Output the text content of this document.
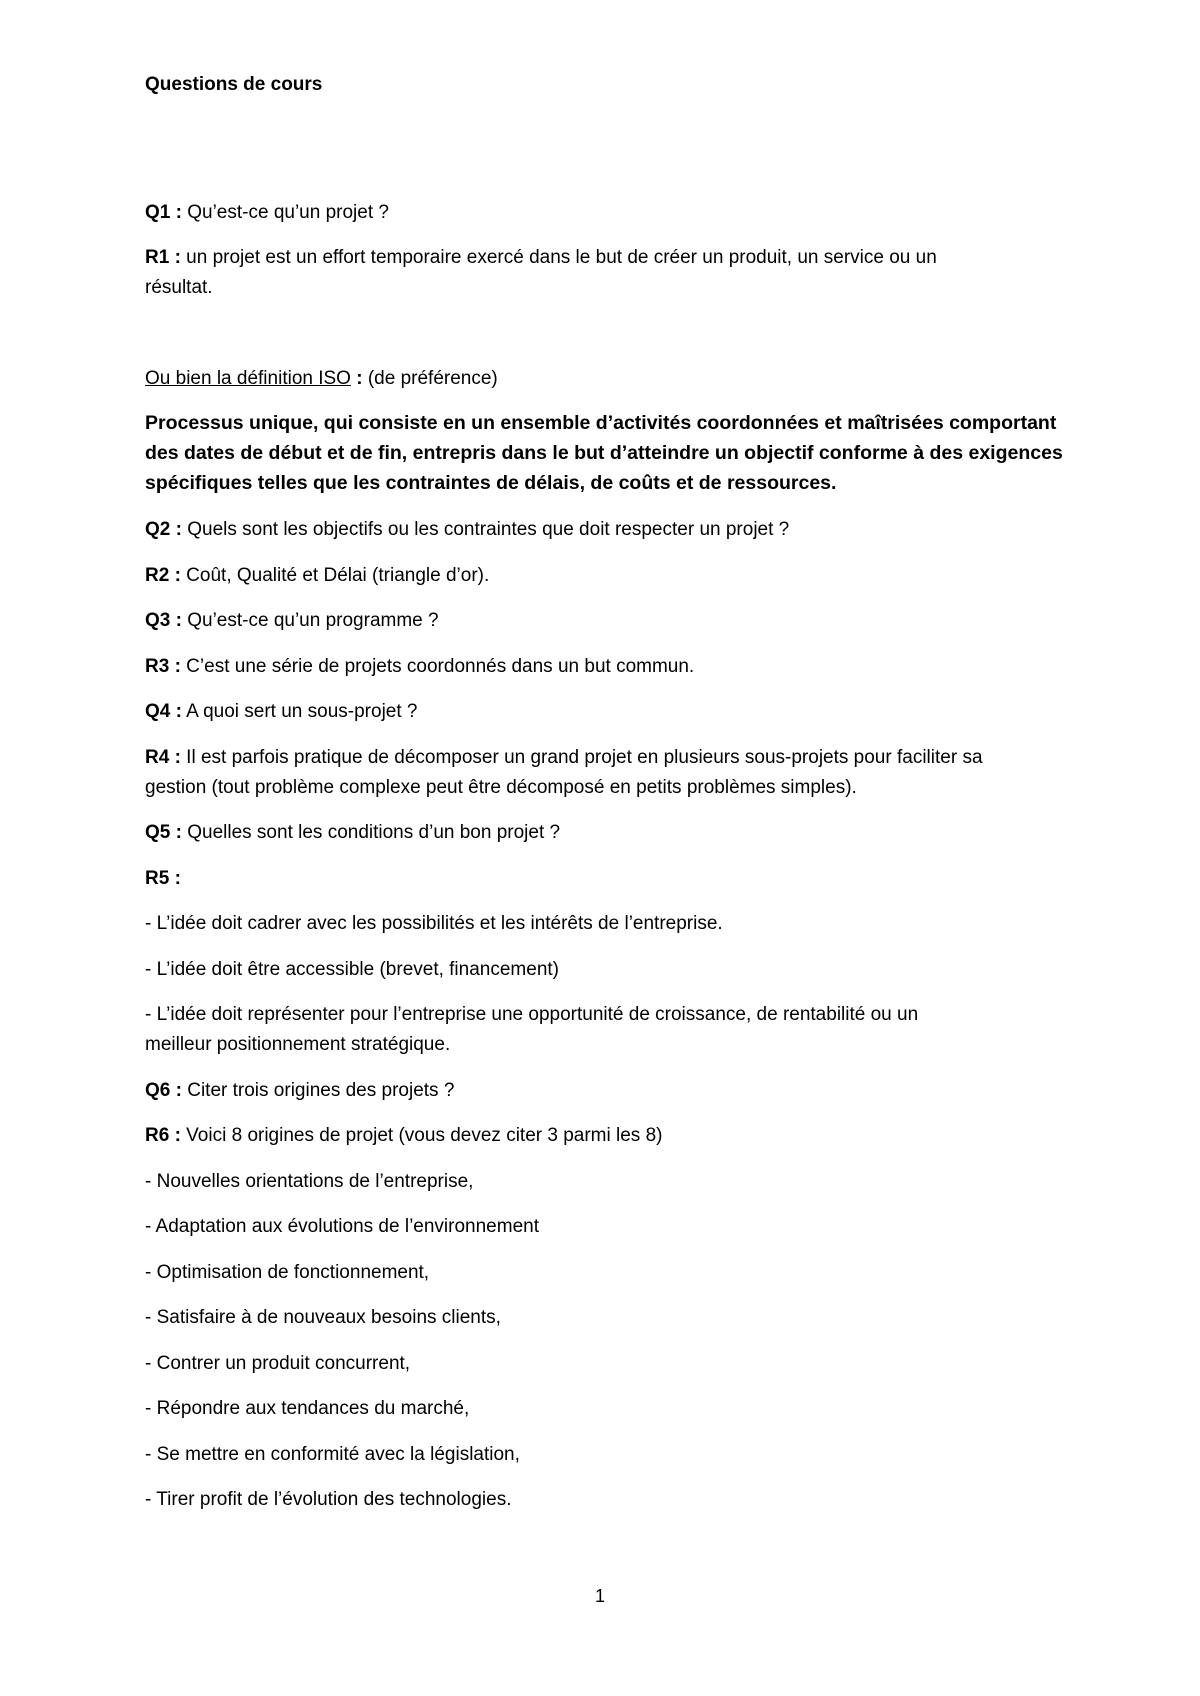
Questions de cours

Q1 : Qu’est-ce qu’un projet ?

R1 : un projet est un effort temporaire exercé dans le but de créer un produit, un service ou un

résultat.

Ou bien la définition ISO : (de préférence)

Processus unique, qui consiste en un ensemble d’activités coordonnées et maîtrisées comportant

des dates de début et de fin, entrepris dans le but d’atteindre un objectif conforme à des exigences

spécifiques telles que les contraintes de délais, de coûts et de ressources.

Q2 : Quels sont les objectifs ou les contraintes que doit respecter un projet ?

R2 : Coût, Qualité et Délai (triangle d’or).

Q3 : Qu’est-ce qu’un programme ?

R3 : C’est une série de projets coordonnés dans un but commun.

Q4 : A quoi sert un sous-projet ?

R4 : Il est parfois pratique de décomposer un grand projet en plusieurs sous-projets pour faciliter sa

gestion (tout problème complexe peut être décomposé en petits problèmes simples).

Q5 : Quelles sont les conditions d’un bon projet ?

R5 :

- L’idée doit cadrer avec les possibilités et les intérêts de l’entreprise.

- L’idée doit être accessible (brevet, financement)

- L’idée doit représenter pour l’entreprise une opportunité de croissance, de rentabilité ou un

meilleur positionnement stratégique.

Q6 : Citer trois origines des projets ?

R6 : Voici 8 origines de projet (vous devez citer 3 parmi les 8)

- Nouvelles orientations de l’entreprise,

- Adaptation aux évolutions de l’environnement

- Optimisation de fonctionnement,

- Satisfaire à de nouveaux besoins clients,

- Contrer un produit concurrent,

- Répondre aux tendances du marché,

- Se mettre en conformité avec la législation,

- Tirer profit de l’évolution des technologies.

1
